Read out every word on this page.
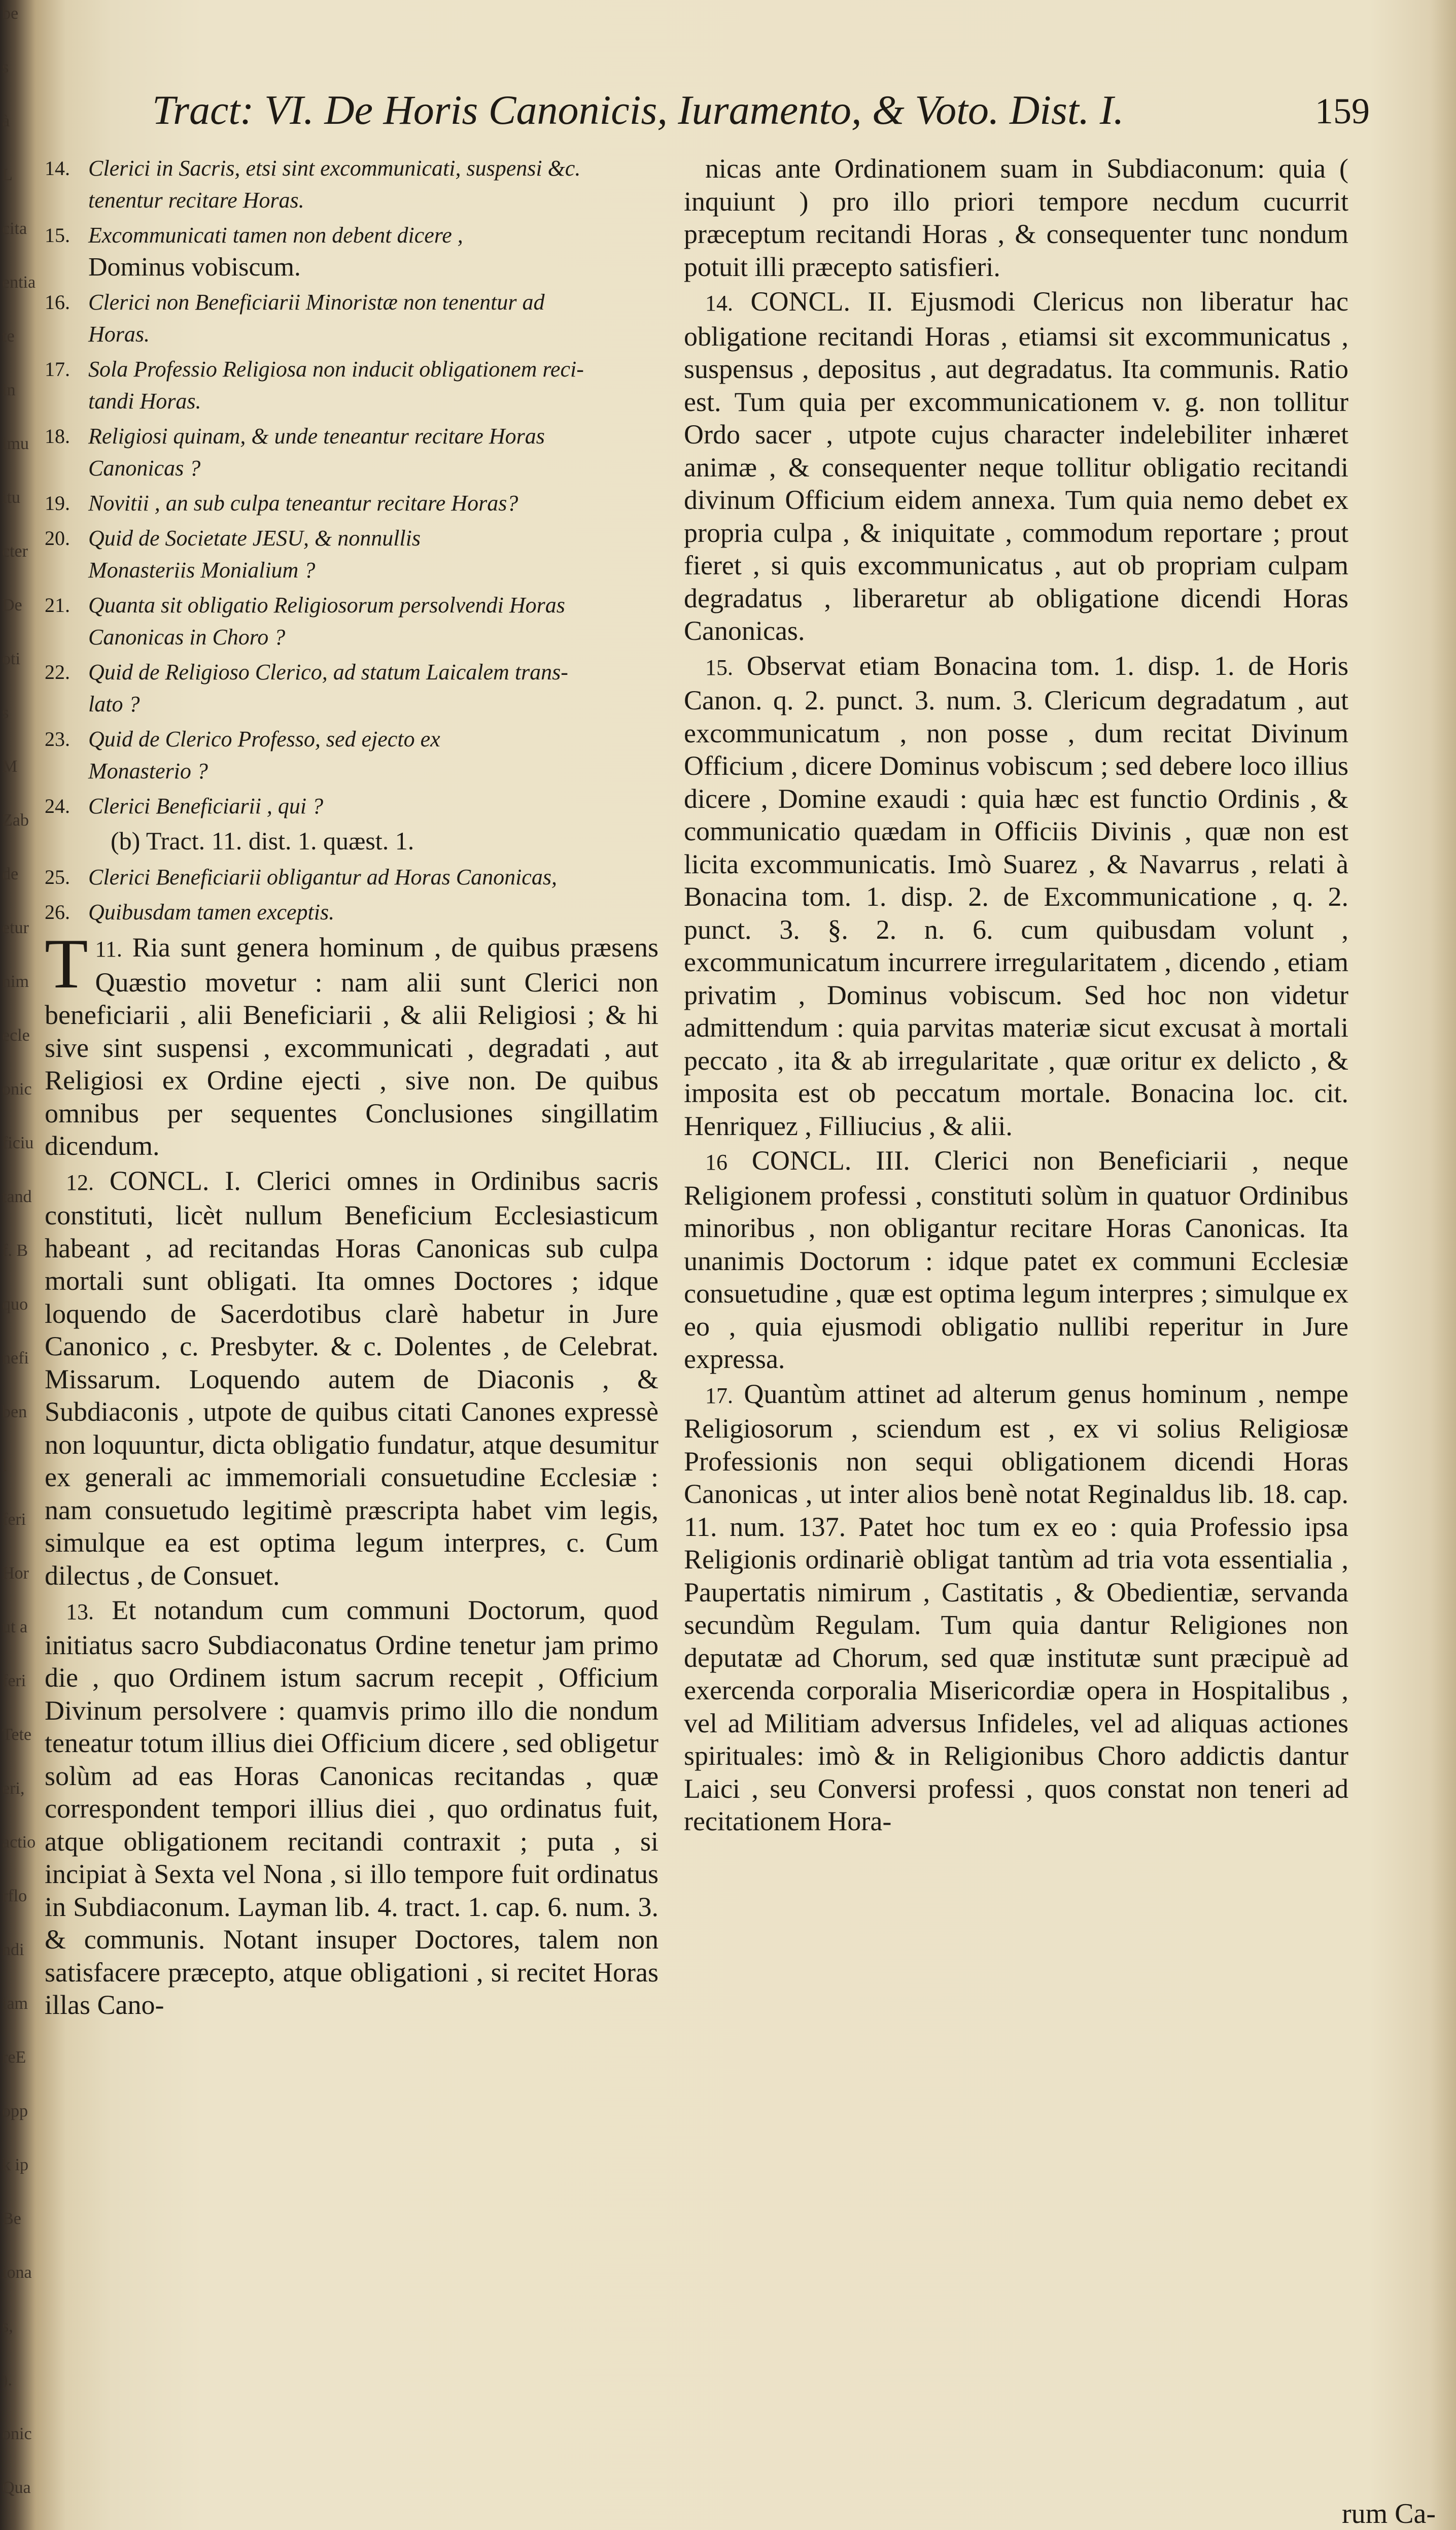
be
s
à
L
cita
entia
te
in
imu
itu
cter
De
oti
s
M
Zab
de
etur
nim
ecle
onic
ficiu
tand
f. B
quo
nefi
ben
l
feri
Hor
ut a
feri
Tete
eri,
actio
rflo
ndi
iam
reE
opp
k ip
Be
iona
s,
).
onic
Qua
Tract: VI. De Horis Canonicis, Iuramento, & Voto. Dist. I.	159
14. Clerici in Sacris, etsi sint excommunicati, suspensi &c.
tenentur recitare Horas.
15. Excommunicati tamen non debent dicere ,
Dominus vobiscum.
16. Clerici non Beneficiarii Minoristæ non tenentur ad
Horas.
17. Sola Professio Religiosa non inducit obligationem reci-
tandi Horas.
18. Religiosi quinam, & unde teneantur recitare Horas
Canonicas ?
19. Novitii , an sub culpa teneantur recitare Horas?
20. Quid de Societate JESU, & nonnullis
Monasteriis Monialium ?
21. Quanta sit obligatio Religiosorum persolvendi Horas
Canonicas in Choro ?
22. Quid de Religioso Clerico, ad statum Laicalem trans-
lato ?
23. Quid de Clerico Professo, sed ejecto ex
Monasterio ?
24. Clerici Beneficiarii , qui ?
(b) Tract. 11. dist. 1. quæst. 1.
25. Clerici Beneficiarii obligantur ad Horas Canonicas,
26. Quibusdam tamen exceptis.

11.
T Ria sunt genera hominum , de quibus præsens Quæstio movetur : nam alii sunt Clerici non beneficiarii , alii Beneficiarii , & alii Religiosi ; & hi sive sint suspensi , excommunicati , degradati , aut Religiosi ex Ordine ejecti , sive non. De quibus omnibus per sequentes Conclusiones singillatim dicendum.

12. CONCL. I. Clerici omnes in Ordinibus sacris constituti, licèt nullum Beneficium Ecclesiasticum habeant , ad recitandas Horas Canonicas sub culpa mortali sunt obligati. Ita omnes Doctores ; idque loquendo de Sacerdotibus clarè habetur in Jure Canonico , c. Presbyter. & c. Dolentes , de Celebrat. Missarum. Loquendo autem de Diaconis , & Subdiaconis , utpote de quibus citati Canones expressè non loquuntur, dicta obligatio fundatur, atque desumitur ex generali ac immemoriali consuetudine Ecclesiæ : nam consuetudo legitimè præscripta habet vim legis, simulque ea est optima legum interpres, c. Cum dilectus , de Consuet.

13. Et notandum cum communi Doctorum, quod initiatus sacro Subdiaconatus Ordine tenetur jam primo die , quo Ordinem istum sacrum recepit , Officium Divinum persolvere : quamvis primo illo die nondum teneatur totum illius diei Officium dicere , sed obligetur solùm ad eas Horas Canonicas recitandas , quæ correspondent tempori illius diei , quo ordinatus fuit, atque obligationem recitandi contraxit ; puta , si incipiat à Sexta vel Nona , si illo tempore fuit ordinatus in Subdiaconum. Layman lib. 4. tract. 1. cap. 6. num. 3. & communis. Notant insuper Doctores, talem non satisfacere præcepto, atque obligationi , si recitet Horas illas Cano-

nicas ante Ordinationem suam in Subdiaconum: quia ( inquiunt ) pro illo priori tempore necdum cucurrit præceptum recitandi Horas , & consequenter tunc nondum potuit illi præcepto satisfieri.

14. CONCL. II. Ejusmodi Clericus non liberatur hac obligatione recitandi Horas , etiamsi sit excommunicatus , suspensus , depositus , aut degradatus. Ita communis. Ratio est. Tum quia per excommunicationem v. g. non tollitur Ordo sacer , utpote cujus character indelebiliter inhæret animæ , & consequenter neque tollitur obligatio recitandi divinum Officium eidem annexa. Tum quia nemo debet ex propria culpa , & iniquitate , commodum reportare ; prout fieret , si quis excommunicatus , aut ob propriam culpam degradatus , liberaretur ab obligatione dicendi Horas Canonicas.

15. Observat etiam Bonacina tom. 1. disp. 1. de Horis Canon. q. 2. punct. 3. num. 3. Clericum degradatum , aut excommunicatum , non posse , dum recitat Divinum Officium , dicere Dominus vobiscum ; sed debere loco illius dicere , Domine exaudi : quia hæc est functio Ordinis , & communicatio quædam in Officiis Divinis , quæ non est licita excommunicatis. Imò Suarez , & Navarrus , relati à Bonacina tom. 1. disp. 2. de Excommunicatione , q. 2. punct. 3. §. 2. n. 6. cum quibusdam volunt , excommunicatum incurrere irregularitatem , dicendo , etiam privatim , Dominus vobiscum. Sed hoc non videtur admittendum : quia parvitas materiæ sicut excusat à mortali peccato , ita & ab irregularitate , quæ oritur ex delicto , & imposita est ob peccatum mortale. Bonacina loc. cit. Henriquez , Filliucius , & alii.

16 CONCL. III. Clerici non Beneficiarii , neque Religionem professi , constituti solùm in quatuor Ordinibus minoribus , non obligantur recitare Horas Canonicas. Ita unanimis Doctorum : idque patet ex communi Ecclesiæ consuetudine , quæ est optima legum interpres ; simulque ex eo , quia ejusmodi obligatio nullibi reperitur in Jure expressa.

17. Quantùm attinet ad alterum genus hominum , nempe Religiosorum , sciendum est , ex vi solius Religiosæ Professionis non sequi obligationem dicendi Horas Canonicas , ut inter alios benè notat Reginaldus lib. 18. cap. 11. num. 137. Patet hoc tum ex eo : quia Professio ipsa Religionis ordinariè obligat tantùm ad tria vota essentialia , Paupertatis nimirum , Castitatis , & Obedientiæ, servanda secundùm Regulam. Tum quia dantur Religiones non deputatæ ad Chorum, sed quæ institutæ sunt præcipuè ad exercenda corporalia Misericordiæ opera in Hospitalibus , vel ad Militiam adversus Infideles, vel ad aliquas actiones spirituales: imò & in Religionibus Choro addictis dantur Laici , seu Conversi professi , quos constat non teneri ad recitationem Hora-

rum Ca-
